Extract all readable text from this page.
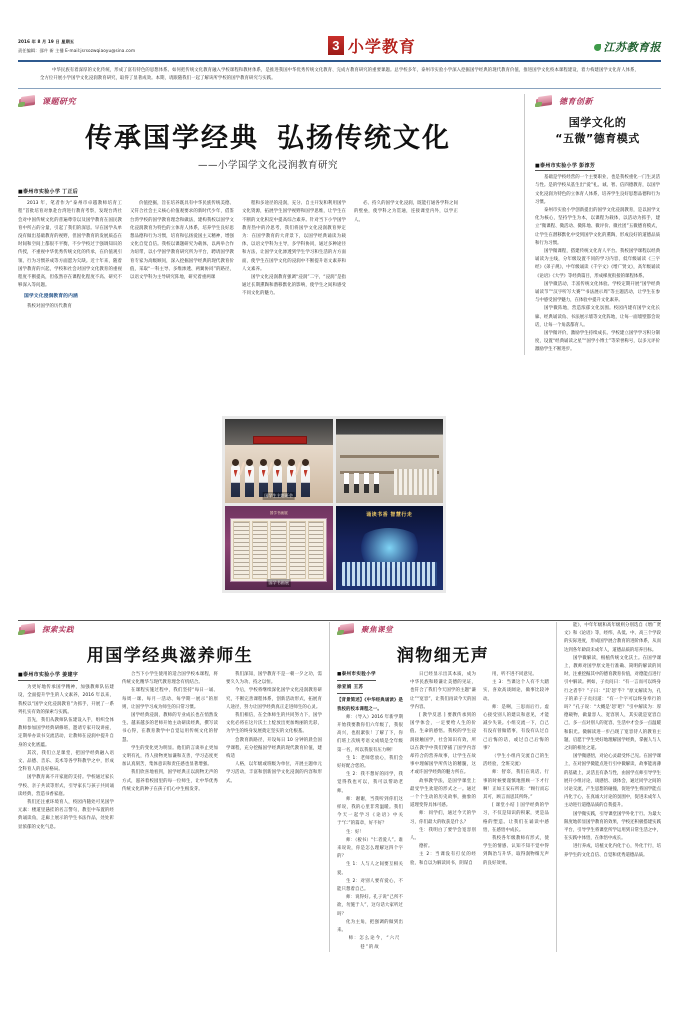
2016 年 8 月 19 日 星期五
责任编辑：邵幷 新 主播 E-mail:jsrsozwqiaoyu@sina.com	3 小学教育	江苏教育报
中华民族有着深厚的文化传统，形成了富有特色的思想体系。如何把传统文化教育融入学校课程和教材体系，是推进我国中华优秀传统文化教育、完成方教育研究的重要课题。总学校多年，泰州市实验小学深入挖掘国学经典的现代教育价值，推进国学文化校本课程建设，着力构建国学文化育人体系，全方位开展小学国学文化浸润教育研究，取得了显著成效。本期，请跟随我们一起了解该所学校的国学教育研究与实践。
课题研究
传承国学经典 弘扬传统文化
——小学国学文化浸润教育研究
■泰州市实验小学 丁正后

2013 年，笔者作为“泰州市卓越教师培育工程”首批培育对象赴台湾进行教育考察，发现台湾社会对中国传统文化的普遍尊崇以及国学教育在国民教育中所占的分量，引起了我们的深思。早在国学从单没有做出基础教育的视野，但国学教育的发展质态在时间和空间上都很不平衡，不少学校过于强调知识的传授，不重视中华优秀传统文化的传承，在价值观引领、行为习惯养成等方面愿为欠缺。近十年来，随着国学教育的兴起，学校和社会对国学文化教育的重视程度不断提高，但依然存在课程化程度不高、研究不够深入等问题。

国学文化浸润教育的内涵

我校对国学的历代教育

价值挖掘，旨在培养既具有中华民族传统美德、又符合社会主义核心价值观要求的新时代少年，借鉴台湾学校的国学教育理念和做法，建构我校以国学文化浸润教育为特色的立体育人体系，培养学生良好思想品德和行为习惯，培育和弘扬爱国主义精神，增强文化自觉自信。我校以课题研究为载体，以两举合作为纽带，以小学国学教育研究所为平台，聘请国学教育专家为高级顾问，深入挖掘国学经典的现代教育价值，采取“一科主导、多维渗透、两翼协同”的路径，以语文学科为主导研究阵地，研究着重两课

程和多途径的浸润，充分、自主开发和利用国学文化资源，拓展学生国学视野和国学思维，让学生在不断的文化积淀中提高综合素养。针对当下小学国学教育热中的冷思考，我们将国学文化浸润教育界定为：在国学教育的大背景下，以国学经典诵读为载体，以语文学科为主导，多学科协同，通过多种途径和方法，让国学文化渗透到学生学习和生活的方方面面，使学生在国学文化的浸润中不断提升语文素养和人文素养。

国学文化浸润教育强调“浸润”二字，“浸润”是指通过长期熏陶和潜移默化的影响，使学生之间和感受不同文化的魅力。

必、持久的国学文化浸润，既能打通各学科之间的壁垒，使学科之为贯通，连接课堂内外，以学正人。

国学生主题班会
国学书画展
国学书画展
诵读书香 智慧行走
德育创新
国学文化的
“五微”德育模式
■泰州市实验小学 彭淳芳

基础是学校经营的一个主要职业，也是我校重化一门生灵活与性。是的学校从基生出“爱”礼、诚、智、信四德教育，以国学文化浸润为特色的立体育人体系，培养学生良好思想品德和行为习惯。

泰州市实验小学创新提出的国学文化浸润教育，是以国学文化为核心，坚持学生为本，以课程为载体，以活动为抓手，建立“微课程、微活动、微阵地、微评价、微社团”五微德育模式，让学生在潜移默化中受到国学文化的熏陶，形成良好的道德品质和行为习惯。

国学微课程，搭建传统文化育人平台。我校国学课程以经典诵读为主线，分年级设置不同的学习内容，低年级诵读《三字经》《弟子规》，中年级诵读《千字文》《增广贤文》，高年级诵读《论语》《大学》等经典篇目，形成梯度衔接的课程体系。

国学微活动，丰富传统文化体验。学校定期开展“国学经典诵读节”“汉字听写大赛”“书法展示周”等主题活动，让学生在参与中感受国学魅力，在体验中提升文化素养。

国学微阵地，营造浓郁文化氛围。校园内建有国学文化长廊、经典诵读角、书法展示墙等文化阵地，让每一面墙壁都会说话，让每一个角落都育人。

国学微评价，激励学生持续成长。学校建立国学学习积分制度，设置“经典诵读之星”“国学小博士”等荣誉称号，以多元评价激励学生不断进步。

探索实践
用国学经典滋养师生
■泰州市实验小学 姜建宇

为更好地传承国学精神，加强教师队伍建设，全面提升学生的人文素养，2016 年以来，我校以“国学文化浸润教育”为抓手，开展了一系列扎实有效的探索与实践。

首先，我们从教师队伍建设入手，组织全体教师参加国学经典研修班，邀请专家开设讲座，定期举办读书交流活动，让教师在浸润中提升自身的文化底蕴。

其次，我们立足课堂，把国学经典融入语文、品德、音乐、美术等各学科教学之中，形成全科育人的良好格局。

国学教育离不开家庭的支持。学校通过家长学校、亲子共读等形式，引导家长与孩子共同诵读经典，营造书香家庭。

我们还注重环境育人，校园内随处可见国学元素：楼道里悬挂的名言警句，教室中布置的经典诵读角，走廊上展示的学生书法作品，处处彰显浓郁的文化气息。

合当下小学生使用的适合国学校本课程，将传统文化精华与现代教育理念有机结合。

在课程实施过程中，我们坚持“每日一诵、每周一课、每月一活动、每学期一展示”的原则，让国学学习成为师生的日常习惯。

国学经典浸润，教师的专业成长也在悄然发生。越来越多的老师开始主动研读经典，撰写读书心得，在教育教学中自觉运用传统文化的智慧。

学生的变化更为明显。他们的言谈举止更加文明有礼，待人接物更加谦和友善，学习态度更加认真刻苦，集体意识和责任感也显著增强。

我们欣喜地看到，国学经典正以润物无声的方式，滋养着校园里的每一位师生，让中华优秀传统文化的种子在孩子们心中生根发芽。

我们深知，国学教育不是一朝一夕之功，需要久久为功、持之以恒。

今后，学校将继续深化国学文化浸润教育研究，不断完善课程体系，创新活动形式，拓展育人途径，努力让国学经典真正走进师生的心灵。

我们相信，在全体师生的共同努力下，国学文化必将在这片沃土上绽放出更加绚丽的光彩，为学生的终身发展奠定坚实的文化根基。

会教育新路径，开设每日 10 分钟的晨会国学课程，充分挖掘国学经典的现代教育价值，建构适

人格，以年级或班级为单位，开展主题单元学习活动，丰富和创新国学文化浸润的内容和形式。

聚焦课堂
润物细无声
■泰州市实验小学 徐亚娟 王苏

【背景简述】《中华经典诵读》是我校的校本课程之一。

师：（导入）2016 年新学期开始我要教你们六年级了，我很高兴，也很紧张！了解了下，你们班上次统考语文成绩是全年级第一名，所以我很有压力啊！

生 1：老师您放心，我们会好好配合您的。

生 2：我不想好的同学，我觉得我也可以，我可以帮助老师。

师：谢谢，当我听到你们这样说，我的心里非常温暖。我们今天一起学习《论语》中关于“仁”的篇章，好不好？

生：好！

师：（板书）“仁者爱人”。谁来说说，你是怎么理解这四个字的？

生 1：人与人之间要互相关爱。

生 2：对别人要有爱心，不能只想着自己。

师：说得好。孔子说“己所不欲，勿施于人”，这句话大家听过吗？

化为主角，把强调的做到出来。

师：怎么论今，“六尺巷”的故

日已经显示出其本质，成为中华民族和睦谦让美德的见证，也符合了我们今天国学的主题“谦让”“宽容”，让我们再读今天的国学内容。

[ 教学反思 ] 要教传承到的国学体会，一定要给人生的价值、生命的感悟。我校的学生浸润接触国学，社会知识有效，所以在教学中我们穿插了国学内容却符合的营养故事，让学生在故事中理解国学所传达的精髓，这才或许国学经典的魅力所在。

故事教学法，是国学课堂上最受学生欢迎的形式之一。通过一个个生动的历史故事，抽象的道理变得具体可感。

师：同学们，通过今天的学习，你们最大的收获是什么？

生：我明白了要学会宽容别人。

德折。

主 2：当课没有打仗的经验，和自以为解读同书，阴谋自

用，听不进不同意见。

主 3：当课这个人有不大踏实，喜欢高谈阔论，做事比较冲动。

师：是啊，三思而后行。虚心接受别人的建议和意见，才能减少失误。小组交流一下，自己有没有曾做错事，有没有认过自己后悔的话，或过自己后悔的事？

（学生小组内交流自己的生活经验，全班交流）

师：智奈，我们在说话、行事的时候要谨慎地照顾一下才行啊！正如王安石所说：“顾行而忘其可，顾言而思其所终。”

[ 课堂小结 ] 国学经典的学习，不仅是知识的积累，更是品格的塑造。让我们在诵读中感悟，在感悟中成长。

我校各年级教师有形式，使学生的情感、认知不知不觉中得到陶冶与升华，取得润物细无声的良好效果。

能》，中年年级和高年级则分别选自《增广贤文》和《论语》等，经纬，从低、中、高三个学段的实际进度，形成国学展合教育的进阶体系，从而达到各年龄段未成年人，道德品质的培养目标。

国学微解读，根植传统文化沃土。在国学课上，教师对国学原文进行准确、简明的解读的同时，注重挖掘其中的德育教育价值，对德能点进行引中解读。例如，子贡问曰：“有一言而可以终身行之者乎？”子曰：“其‘恕’乎？”原文解读为，孔子的弟子子贡问道：“有一个字可以终身奉行的吗？”孔子说：“大概是‘恕’吧？”引中解读为：厚德载物，做量容人、宽容别人，其实就是宽容自己，多一点对别人的宽容，生活中才会多一点温暖和阳光。微解读进一步凸现了宽容待人的教育主题，启愿于学生更好地理解国学经典，掌握人与人之间的相处之道。

国学微感悟，对论心灵最受怀己见。在国学课上，在对国学微能点进行引中微解读，故事能再薄的基础上，灵活且有条与性，由国学点师引导学生展开小组讨论，谈感悟、谈体会，通过同学之间的讨论交流，产生思想的碰撞，促进学生将国学能点内化于心，在真诚大讨论的氛围中，促进未成年人主动进行道德品质的自我提升。

国学微实践，引导课堂国学外化于行。为最大限度地彰显国学教育的效果，学校还积极搭建实践平台，引导学生将课堂所学运用到日常生活之中，在实践中体悟，在体悟中成长。

进行养成，培植文化内化于心，外化于行，培养学生的文化自信、自觉和优秀道德品质。
